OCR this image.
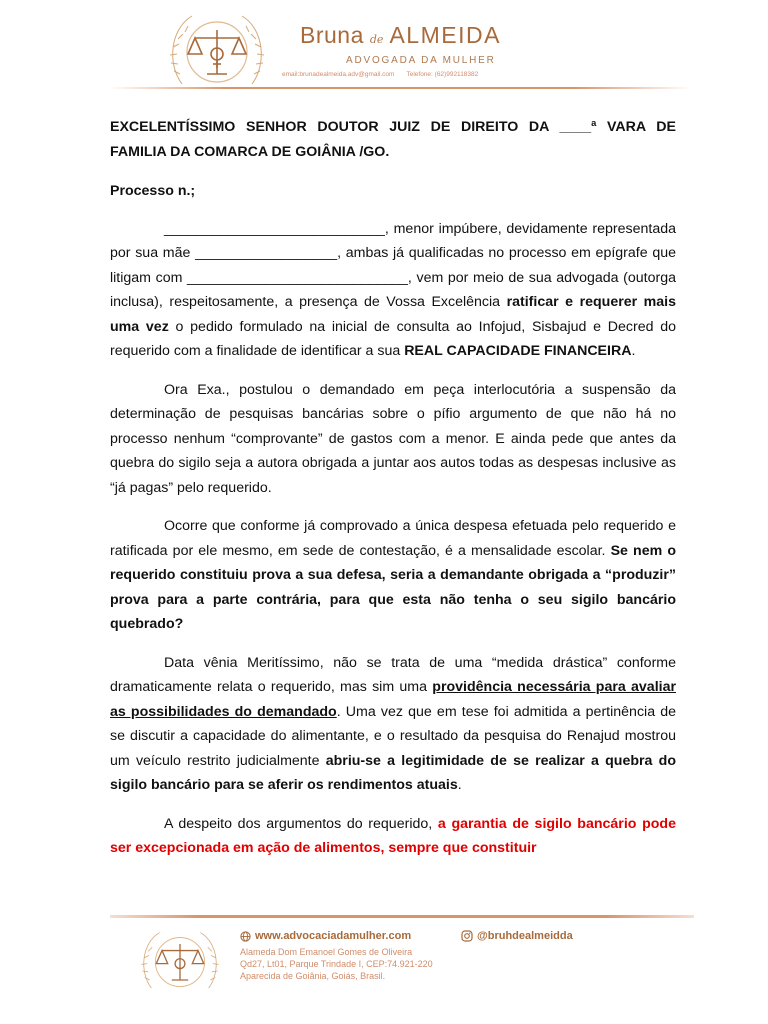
Bruna de ALMEIDA
ADVOGADA DA MULHER
email:brunadealmeida.adv@gmail.com Telefone: (62)992118382

EXCELENTÍSSIMO SENHOR DOUTOR JUIZ DE DIREITO DA ____ª VARA DE FAMILIA DA COMARCA DE GOIÂNIA /GO.

Processo n.;

____________________________, menor impúbere, devidamente representada por sua mãe __________________, ambas já qualificadas no processo em epígrafe que litigam com ____________________________, vem por meio de sua advogada (outorga inclusa), respeitosamente, a presença de Vossa Excelência ratificar e requerer mais uma vez o pedido formulado na inicial de consulta ao Infojud, Sisbajud e Decred do requerido com a finalidade de identificar a sua REAL CAPACIDADE FINANCEIRA.

Ora Exa., postulou o demandado em peça interlocutória a suspensão da determinação de pesquisas bancárias sobre o pífio argumento de que não há no processo nenhum “comprovante” de gastos com a menor. E ainda pede que antes da quebra do sigilo seja a autora obrigada a juntar aos autos todas as despesas inclusive as “já pagas” pelo requerido.

Ocorre que conforme já comprovado a única despesa efetuada pelo requerido e ratificada por ele mesmo, em sede de contestação, é a mensalidade escolar. Se nem o requerido constituiu prova a sua defesa, seria a demandante obrigada a “produzir” prova para a parte contrária, para que esta não tenha o seu sigilo bancário quebrado?

Data vênia Meritíssimo, não se trata de uma “medida drástica” conforme dramaticamente relata o requerido, mas sim uma providência necessária para avaliar as possibilidades do demandado. Uma vez que em tese foi admitida a pertinência de se discutir a capacidade do alimentante, e o resultado da pesquisa do Renajud mostrou um veículo restrito judicialmente abriu-se a legitimidade de se realizar a quebra do sigilo bancário para se aferir os rendimentos atuais.

A despeito dos argumentos do requerido, a garantia de sigilo bancário pode ser excepcionada em ação de alimentos, sempre que constituir

www.advocaciadamulher.com	@bruhdealmeidda
Alameda Dom Emanoel Gomes de Oliveira
Qd27, Lt01, Parque Trindade I, CEP:74.921-220
Aparecida de Goiânia, Goiás, Brasil.
